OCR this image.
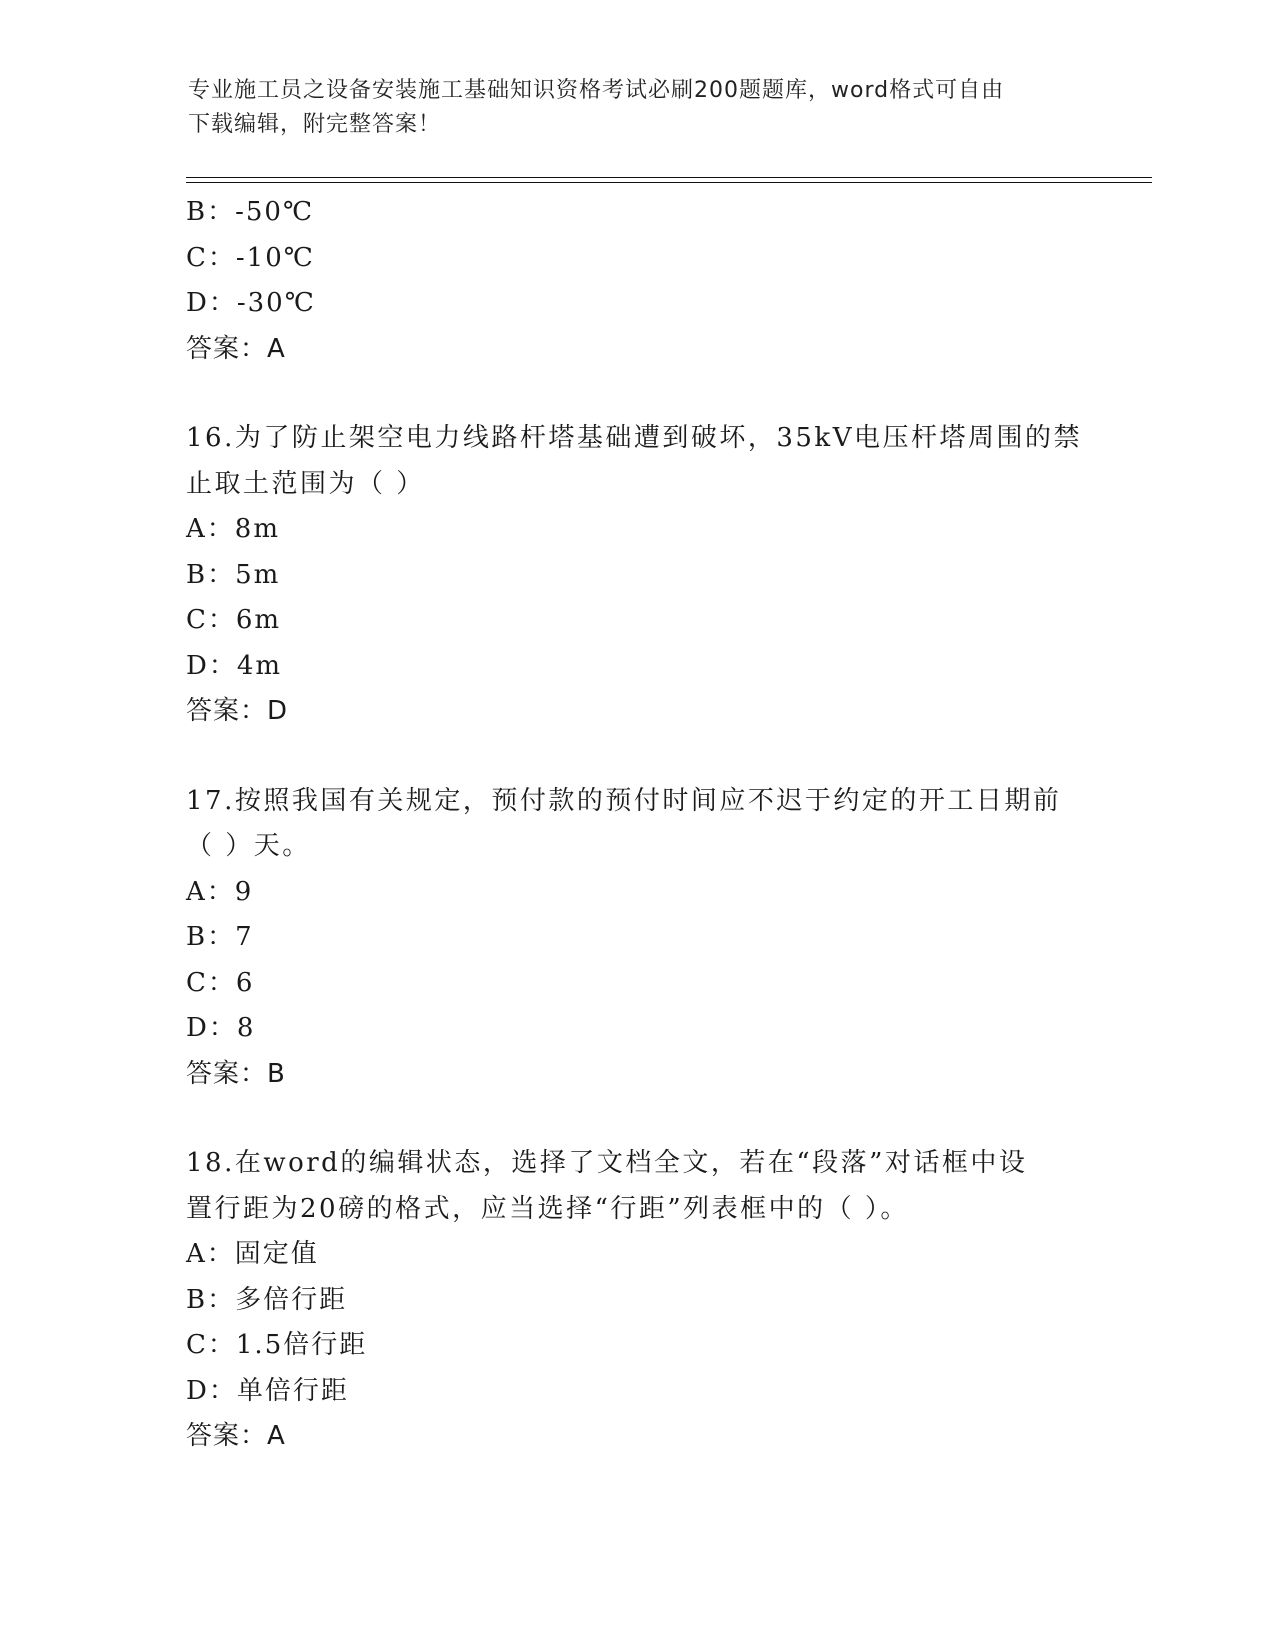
专业施工员之设备安装施工基础知识资格考试必刷200题题库，word格式可自由
下载编辑，附完整答案！
B：-50℃
C：-10℃
D：-30℃
答案：A
16.为了防止架空电力线路杆塔基础遭到破坏，35kV电压杆塔周围的禁
止取土范围为（ ）
A：8m
B：5m
C：6m
D：4m
答案：D
17.按照我国有关规定，预付款的预付时间应不迟于约定的开工日期前
（ ）天。
A：9
B：7
C：6
D：8
答案：B
18.在word的编辑状态，选择了文档全文，若在“段落”对话框中设
置行距为20磅的格式，应当选择“行距”列表框中的（ ）。
A：固定值
B：多倍行距
C：1.5倍行距
D：单倍行距
答案：A
